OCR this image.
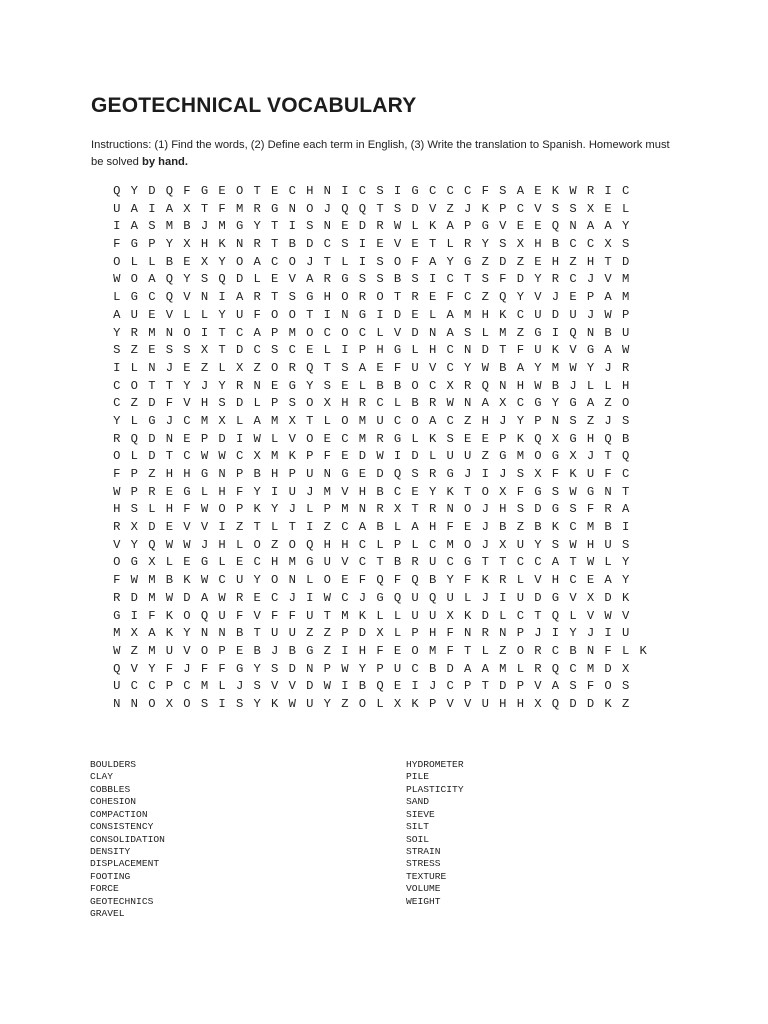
GEOTECHNICAL VOCABULARY
Instructions: (1) Find the words, (2) Define each term in English, (3) Write the translation to Spanish. Homework must be solved by hand.
Q Y D Q F G E O T E C H N I C S I G C C C F S A E K W R I C
U A I A X T F M R G N O J Q Q T S D V Z J K P C V S S X E L
I A S M B J M G Y T I S N E D R W L K A P G V E E Q N A A Y
F G P Y X H K N R T B D C S I E V E T L R Y S X H B C C X S
O L L B E X Y O A C O J T L I S O F A Y G Z D Z E H Z H T D
W O A Q Y S Q D L E V A R G S S B S I C T S F D Y R C J V M
L G C Q V N I A R T S G H O R O T R E F C Z Q Y V J E P A M
A U E V L L Y U F O O T I N G I D E L A M H K C U D U J W P
Y R M N O I T C A P M O C O C L V D N A S L M Z G I Q N B U
S Z E S S X T D C S C E L I P H G L H C N D T F U K V G A W
I L N J E Z L X Z O R Q T S A E F U V C Y W B A Y M W Y J R
C O T T Y J Y R N E G Y S E L B B O C X R Q N H W B J L L H
C Z D F V H S D L P S O X H R C L B R W N A X C G Y G A Z O
Y L G J C M X L A M X T L O M U C O A C Z H J Y P N S Z J S
R Q D N E P D I W L V O E C M R G L K S E E P K Q X G H Q B
O L D T C W W C X M K P F E D W I D L U U Z G M O G X J T Q
F P Z H H G N P B H P U N G E D Q S R G J I J S X F K U F C
W P R E G L H F Y I U J M V H B C E Y K T O X F G S W G N T
H S L H F W O P K Y J L P M N R X T R N O J H S D G S F R A
R X D E V V I Z T L T I Z C A B L A H F E J B Z B K C M B I
V Y Q W W J H L O Z O Q H H C L P L C M O J X U Y S W H U S
O G X L E G L E C H M G U V C T B R U C G T T C C A T W L Y
F W M B K W C U Y O N L O E F Q F Q B Y F K R L V H C E A Y
R D M W D A W R E C J I W C J G Q U Q U L J I U D G V X D K
G I F K O Q U F V F F U T M K L L U U X K D L C T Q L V W V
M X A K Y N N B T U U Z Z P D X L P H F N R N P J I Y J I U
W Z M U V O P E B J B G Z I H F E O M F T L Z O R C B N F L K
Q V Y F J F F G Y S D N P W Y P U C B D A A M L R Q C M D X
U C C P C M L J S V V D W I B Q E I J C P T D P V A S F O S
N N O X O S I S Y K W U Y Z O L X K P V V U H H X Q D D K Z
BOULDERS
CLAY
COBBLES
COHESION
COMPACTION
CONSISTENCY
CONSOLIDATION
DENSITY
DISPLACEMENT
FOOTING
FORCE
GEOTECHNICS
GRAVEL
HYDROMETER
PILE
PLASTICITY
SAND
SIEVE
SILT
SOIL
STRAIN
STRESS
TEXTURE
VOLUME
WEIGHT
